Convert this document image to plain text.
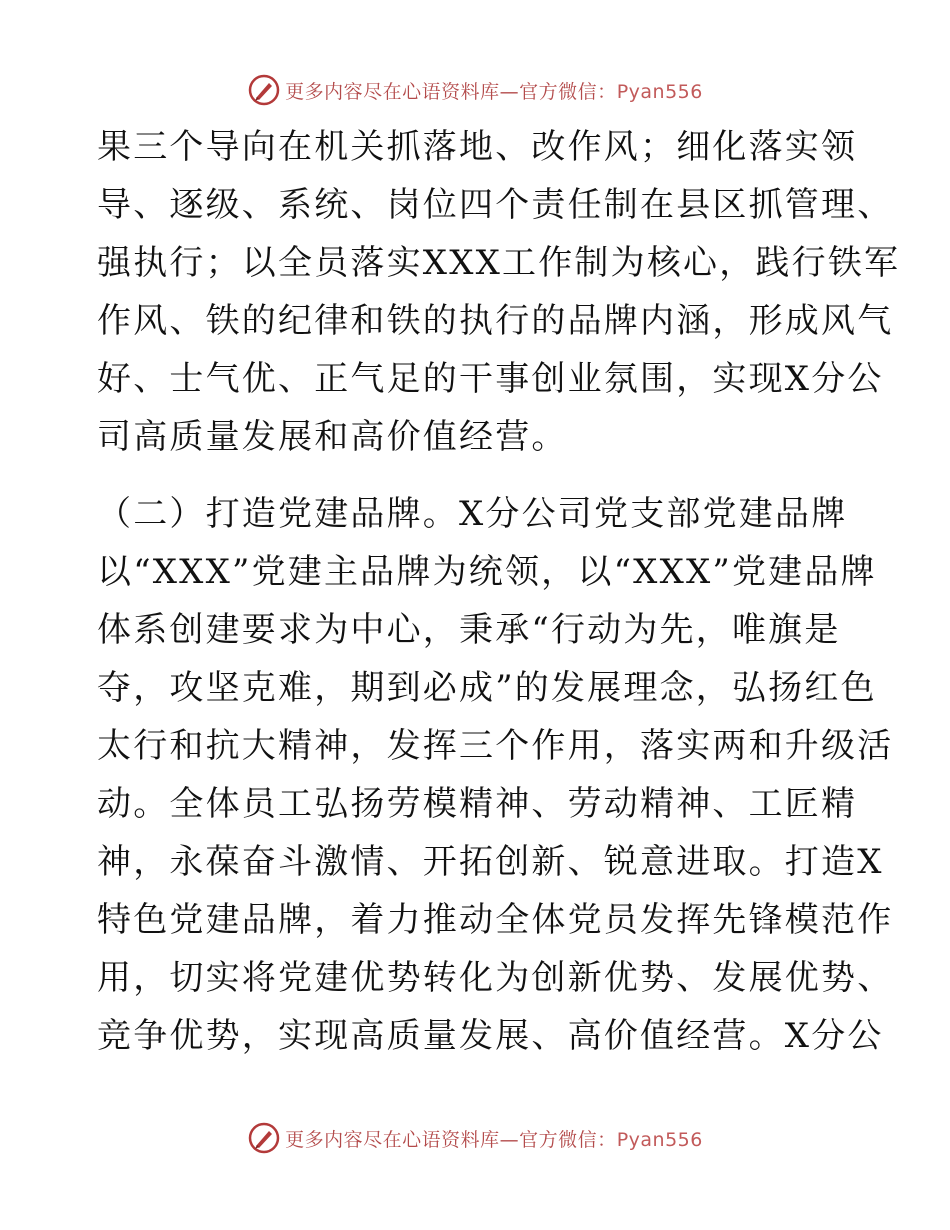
更多内容尽在心语资料库—官方微信：Pyan556
果三个导向在机关抓落地、改作风；细化落实领
导、逐级、系统、岗位四个责任制在县区抓管理、
强执行；以全员落实XXX工作制为核心，践行铁军
作风、铁的纪律和铁的执行的品牌内涵，形成风气
好、士气优、正气足的干事创业氛围，实现X分公
司高质量发展和高价值经营。
（二）打造党建品牌。X分公司党支部党建品牌
以“XXX”党建主品牌为统领，以“XXX”党建品牌
体系创建要求为中心，秉承“行动为先，唯旗是
夺，攻坚克难，期到必成”的发展理念，弘扬红色
太行和抗大精神，发挥三个作用，落实两和升级活
动。全体员工弘扬劳模精神、劳动精神、工匠精
神，永葆奋斗激情、开拓创新、锐意进取。打造X
特色党建品牌，着力推动全体党员发挥先锋模范作
用，切实将党建优势转化为创新优势、发展优势、
竞争优势，实现高质量发展、高价值经营。X分公
更多内容尽在心语资料库—官方微信：Pyan556
